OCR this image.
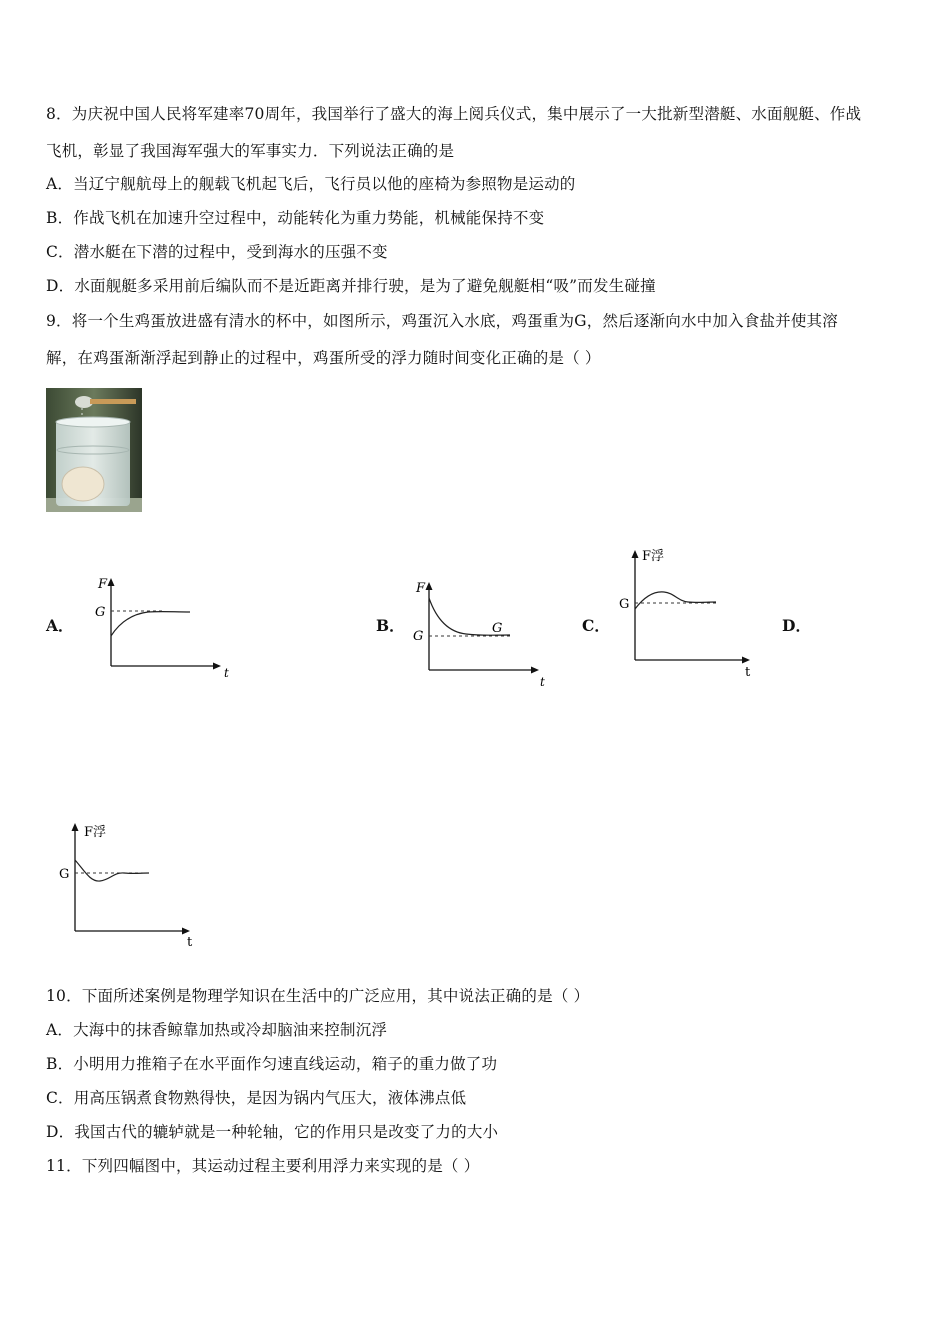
8．为庆祝中国人民将军建率70周年，我国举行了盛大的海上阅兵仪式，集中展示了一大批新型潜艇、水面舰艇、作战
飞机，彰显了我国海军强大的军事实力．下列说法正确的是
A．当辽宁舰航母上的舰载飞机起飞后，飞行员以他的座椅为参照物是运动的
B．作战飞机在加速升空过程中，动能转化为重力势能，机械能保持不变
C．潜水艇在下潜的过程中，受到海水的压强不变
D．水面舰艇多采用前后编队而不是近距离并排行驶，是为了避免舰艇相“吸”而发生碰撞
9．将一个生鸡蛋放进盛有清水的杯中，如图所示，鸡蛋沉入水底，鸡蛋重为G，然后逐渐向水中加入食盐并使其溶
解，在鸡蛋渐渐浮起到静止的过程中，鸡蛋所受的浮力随时间变化正确的是（ ）
A．	B．	C．	D．
F
G
t
F
G
G
t
F浮
G
t
F浮
G
t
10．下面所述案例是物理学知识在生活中的广泛应用，其中说法正确的是（ ）
A．大海中的抹香鲸靠加热或冷却脑油来控制沉浮
B．小明用力推箱子在水平面作匀速直线运动，箱子的重力做了功
C．用高压锅煮食物熟得快，是因为锅内气压大，液体沸点低
D．我国古代的辘轳就是一种轮轴，它的作用只是改变了力的大小
11．下列四幅图中，其运动过程主要利用浮力来实现的是（ ）
